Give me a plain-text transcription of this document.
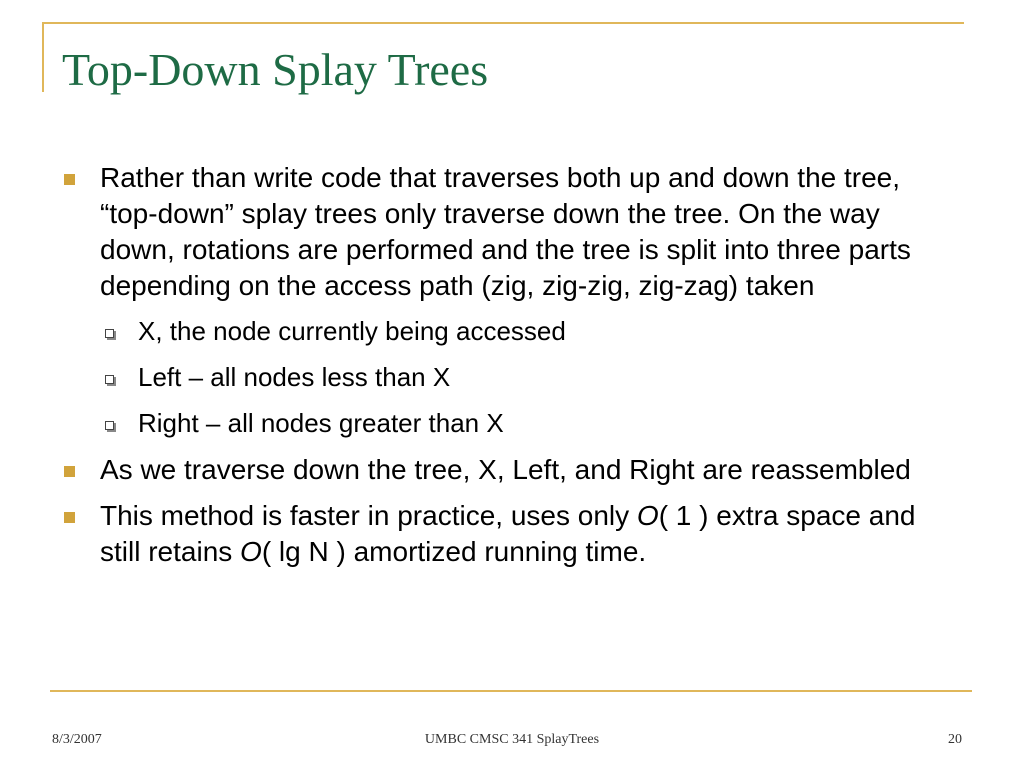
Top-Down Splay Trees
Rather than write code that traverses both up and down the tree, “top-down” splay trees only traverse down the tree. On the way down, rotations are performed and the tree is split into three parts depending on the access path (zig, zig-zig, zig-zag) taken
X, the node currently being accessed
Left – all nodes less than X
Right – all nodes greater than X
As we traverse down the tree, X, Left, and Right are reassembled
This method is faster in practice, uses only O( 1 ) extra space and still retains O( lg N ) amortized running time.
8/3/2007	UMBC CMSC 341 SplayTrees	20
